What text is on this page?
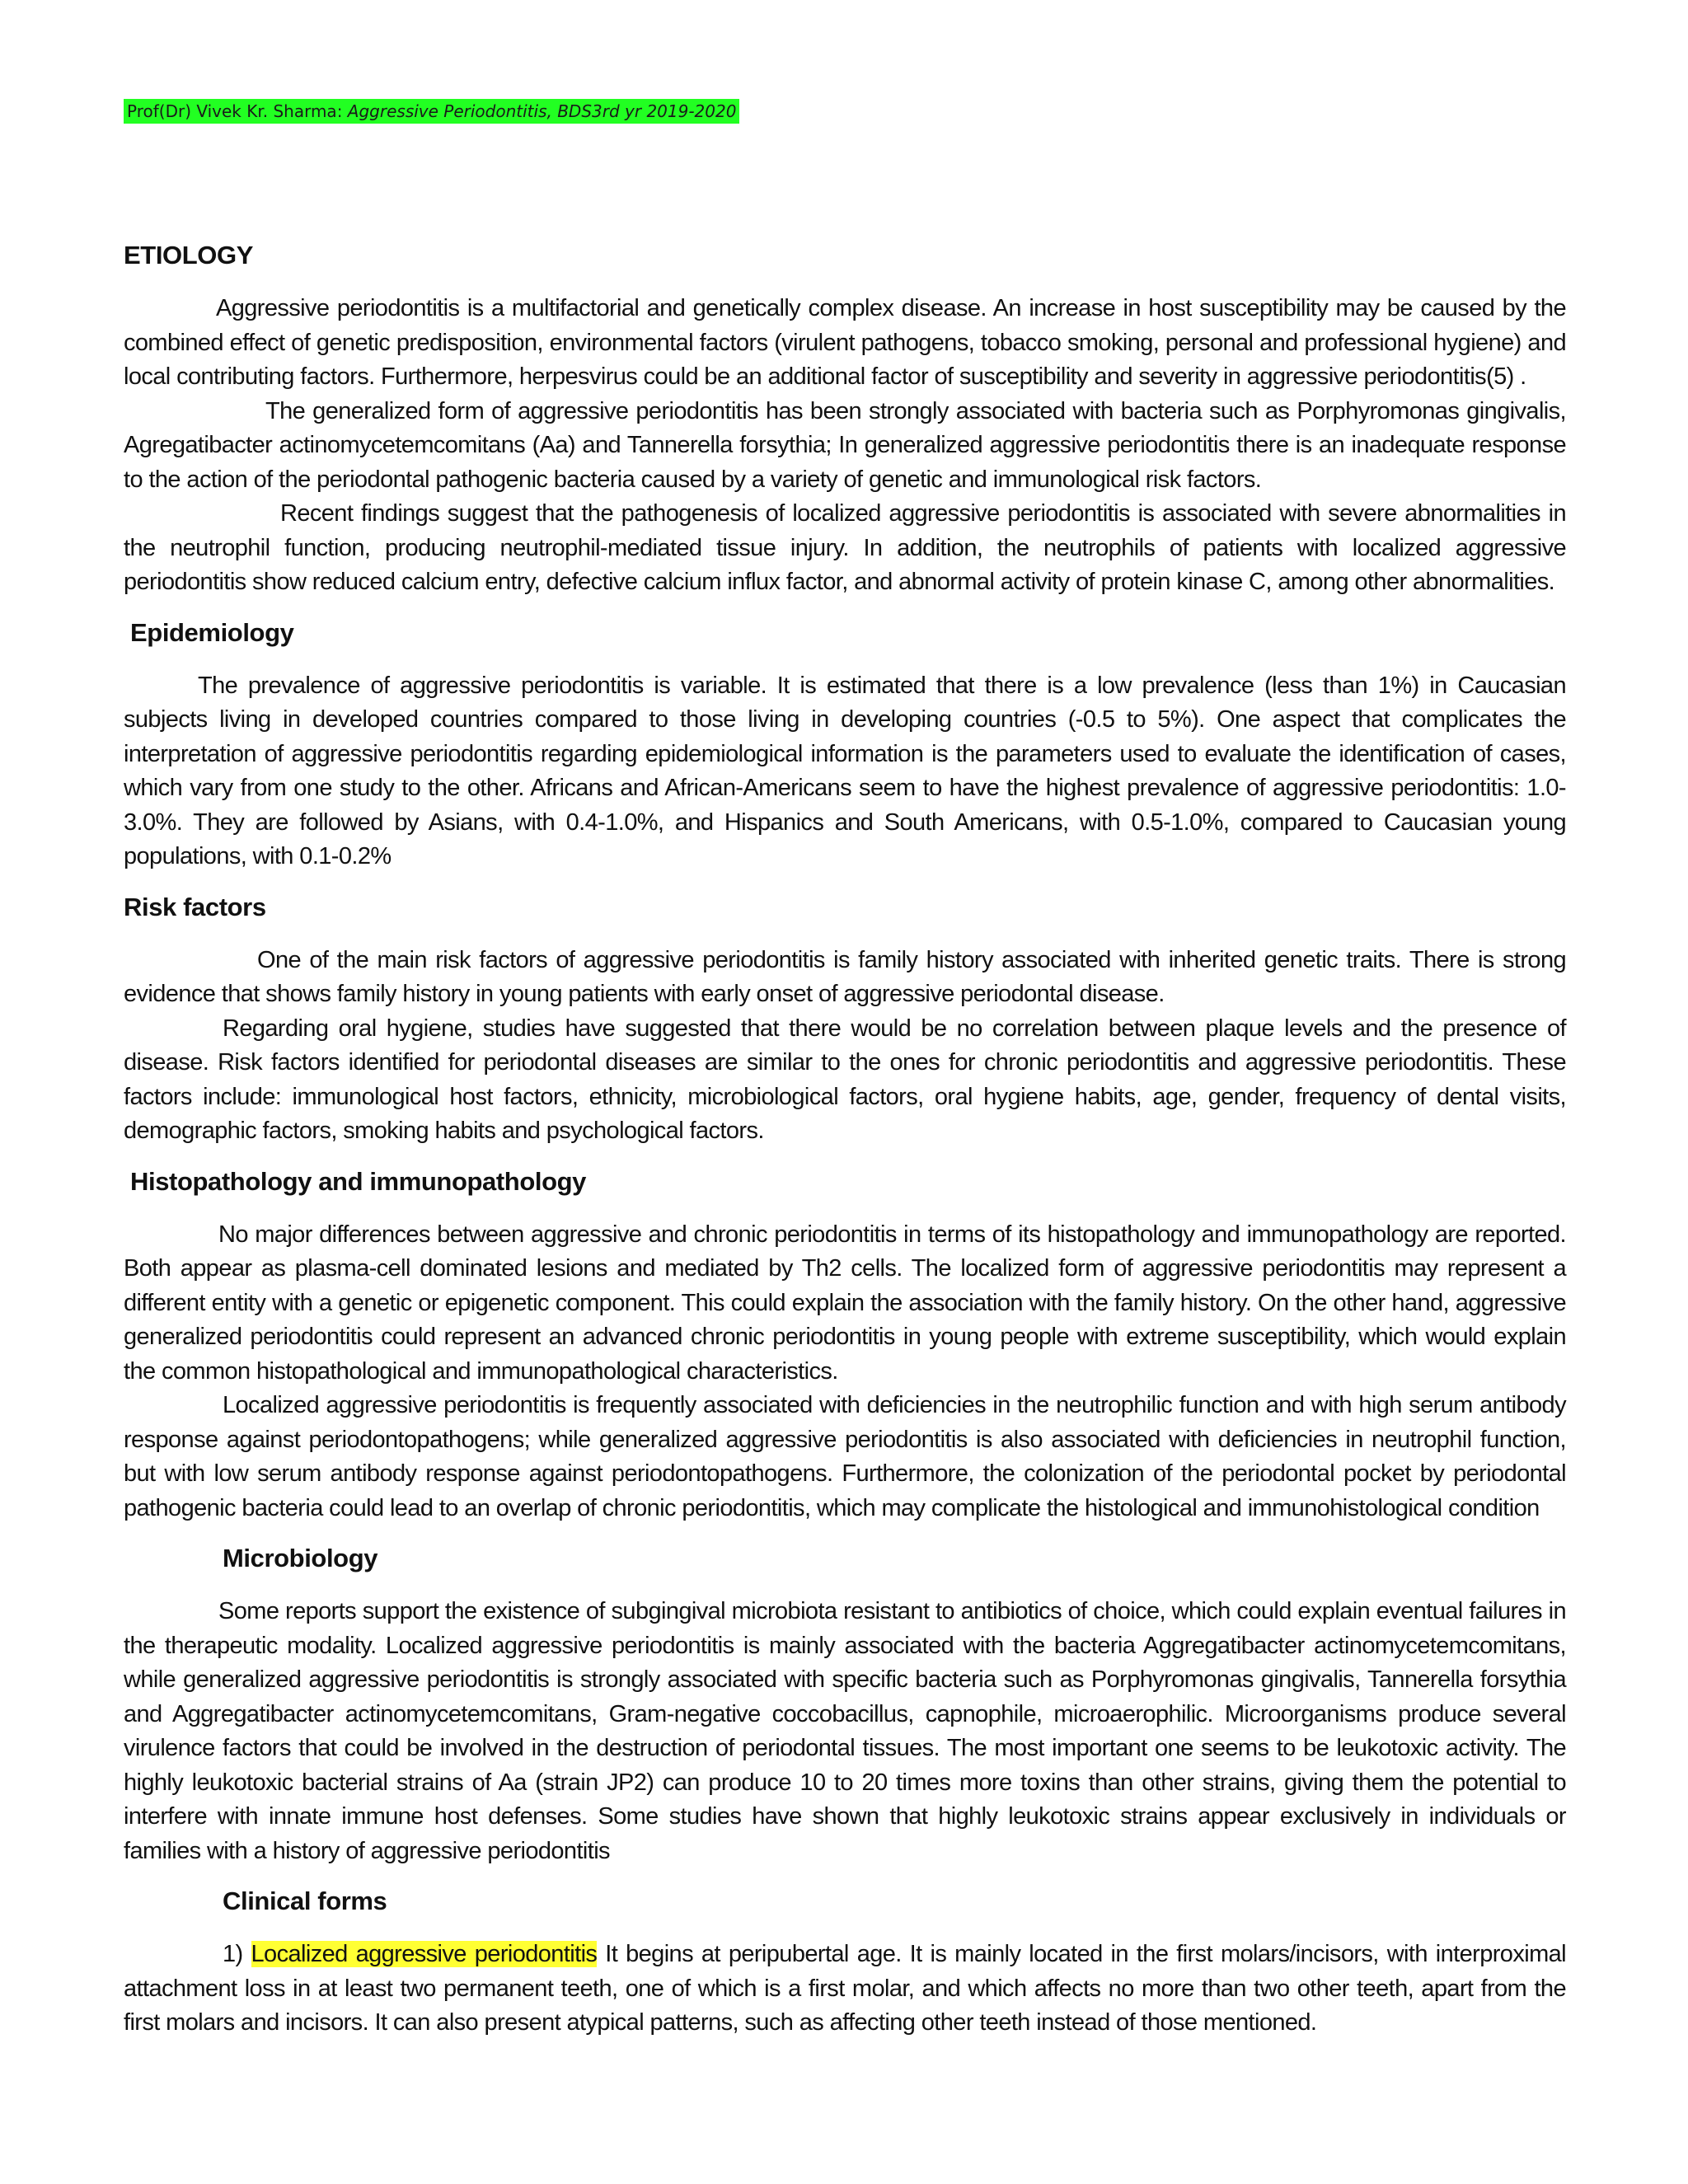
Prof(Dr) Vivek Kr. Sharma: Aggressive Periodontitis, BDS3rd yr 2019-2020
ETIOLOGY

Aggressive periodontitis is a multifactorial and genetically complex disease. An increase in host susceptibility may be caused by the combined effect of genetic predisposition, environmental factors (virulent pathogens, tobacco smoking, personal and professional hygiene) and local contributing factors. Furthermore, herpesvirus could be an additional factor of susceptibility and severity in aggressive periodontitis(5) .

The generalized form of aggressive periodontitis has been strongly associated with bacteria such as Porphyromonas gingivalis, Agregatibacter actinomycetemcomitans (Aa) and Tannerella forsythia; In generalized aggressive periodontitis there is an inadequate response to the action of the periodontal pathogenic bacteria caused by a variety of genetic and immunological risk factors.

Recent findings suggest that the pathogenesis of localized aggressive periodontitis is associated with severe abnormalities in the neutrophil function, producing neutrophil-mediated tissue injury. In addition, the neutrophils of patients with localized aggressive periodontitis show reduced calcium entry, defective calcium influx factor, and abnormal activity of protein kinase C, among other abnormalities.

Epidemiology

The prevalence of aggressive periodontitis is variable. It is estimated that there is a low prevalence (less than 1%) in Caucasian subjects living in developed countries compared to those living in developing countries (-0.5 to 5%). One aspect that complicates the interpretation of aggressive periodontitis regarding epidemiological information is the parameters used to evaluate the identification of cases, which vary from one study to the other. Africans and African-Americans seem to have the highest prevalence of aggressive periodontitis: 1.0-3.0%. They are followed by Asians, with 0.4-1.0%, and Hispanics and South Americans, with 0.5-1.0%, compared to Caucasian young populations, with 0.1-0.2%

Risk factors

One of the main risk factors of aggressive periodontitis is family history associated with inherited genetic traits. There is strong evidence that shows family history in young patients with early onset of aggressive periodontal disease.

Regarding oral hygiene, studies have suggested that there would be no correlation between plaque levels and the presence of disease. Risk factors identified for periodontal diseases are similar to the ones for chronic periodontitis and aggressive periodontitis. These factors include: immunological host factors, ethnicity, microbiological factors, oral hygiene habits, age, gender, frequency of dental visits, demographic factors, smoking habits and psychological factors.

Histopathology and immunopathology

No major differences between aggressive and chronic periodontitis in terms of its histopathology and immunopathology are reported. Both appear as plasma-cell dominated lesions and mediated by Th2 cells. The localized form of aggressive periodontitis may represent a different entity with a genetic or epigenetic component. This could explain the association with the family history. On the other hand, aggressive generalized periodontitis could represent an advanced chronic periodontitis in young people with extreme susceptibility, which would explain the common histopathological and immunopathological characteristics.

Localized aggressive periodontitis is frequently associated with deficiencies in the neutrophilic function and with high serum antibody response against periodontopathogens; while generalized aggressive periodontitis is also associated with deficiencies in neutrophil function, but with low serum antibody response against periodontopathogens. Furthermore, the colonization of the periodontal pocket by periodontal pathogenic bacteria could lead to an overlap of chronic periodontitis, which may complicate the histological and immunohistological condition

Microbiology

Some reports support the existence of subgingival microbiota resistant to antibiotics of choice, which could explain eventual failures in the therapeutic modality. Localized aggressive periodontitis is mainly associated with the bacteria Aggregatibacter actinomycetemcomitans, while generalized aggressive periodontitis is strongly associated with specific bacteria such as Porphyromonas gingivalis, Tannerella forsythia and Aggregatibacter actinomycetemcomitans, Gram-negative coccobacillus, capnophile, microaerophilic. Microorganisms produce several virulence factors that could be involved in the destruction of periodontal tissues. The most important one seems to be leukotoxic activity. The highly leukotoxic bacterial strains of Aa (strain JP2) can produce 10 to 20 times more toxins than other strains, giving them the potential to interfere with innate immune host defenses. Some studies have shown that highly leukotoxic strains appear exclusively in individuals or families with a history of aggressive periodontitis

Clinical forms

1) Localized aggressive periodontitis It begins at peripubertal age. It is mainly located in the first molars/incisors, with interproximal attachment loss in at least two permanent teeth, one of which is a first molar, and which affects no more than two other teeth, apart from the first molars and incisors. It can also present atypical patterns, such as affecting other teeth instead of those mentioned.
